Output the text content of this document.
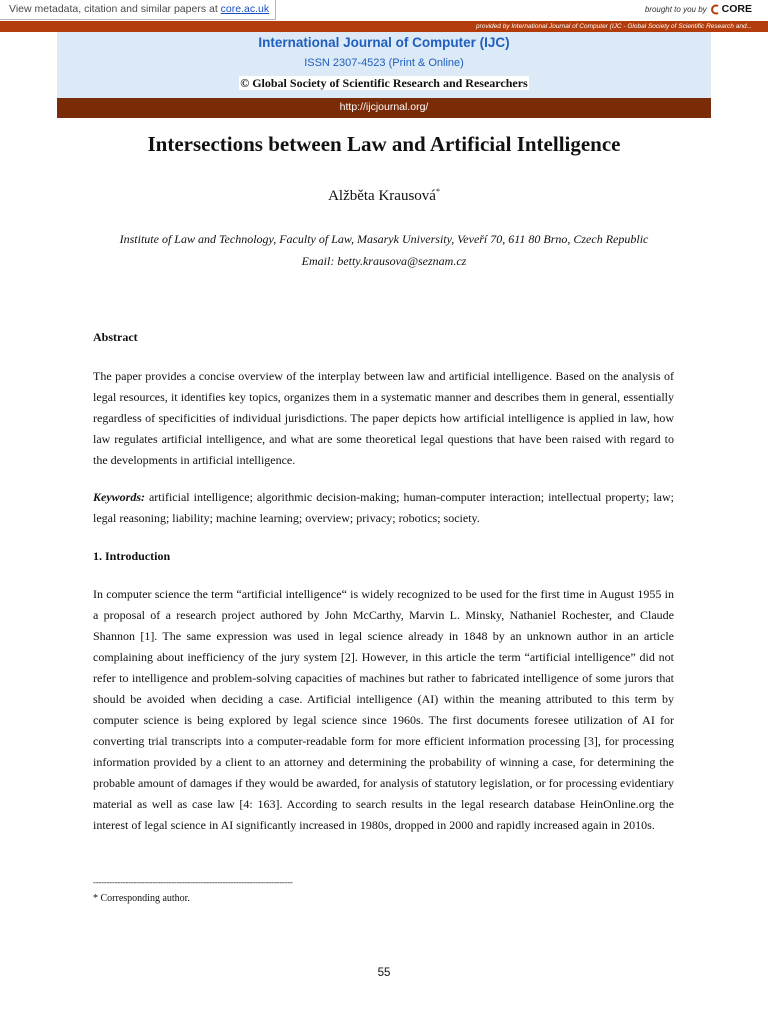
View metadata, citation and similar papers at core.ac.uk	brought to you by CORE
provided by International Journal of Computer (IJC - Global Society of Scientific Research and...
International Journal of Computer (IJC)
ISSN 2307-4523 (Print & Online)
© Global Society of Scientific Research and Researchers
http://ijcjournal.org/
Intersections between Law and Artificial Intelligence
Alžběta Krausová*
Institute of Law and Technology, Faculty of Law, Masaryk University, Veveří 70, 611 80 Brno, Czech Republic
Email: betty.krausova@seznam.cz
Abstract

The paper provides a concise overview of the interplay between law and artificial intelligence. Based on the analysis of legal resources, it identifies key topics, organizes them in a systematic manner and describes them in general, essentially regardless of specificities of individual jurisdictions. The paper depicts how artificial intelligence is applied in law, how law regulates artificial intelligence, and what are some theoretical legal questions that have been raised with regard to the developments in artificial intelligence.

Keywords: artificial intelligence; algorithmic decision-making; human-computer interaction; intellectual property; law; legal reasoning; liability; machine learning; overview; privacy; robotics; society.

1. Introduction

In computer science the term “artificial intelligence“ is widely recognized to be used for the first time in August 1955 in a proposal of a research project authored by John McCarthy, Marvin L. Minsky, Nathaniel Rochester, and Claude Shannon [1]. The same expression was used in legal science already in 1848 by an unknown author in an article complaining about inefficiency of the jury system [2]. However, in this article the term “artificial intelligence” did not refer to intelligence and problem-solving capacities of machines but rather to fabricated intelligence of some jurors that should be avoided when deciding a case. Artificial intelligence (AI) within the meaning attributed to this term by computer science is being explored by legal science since 1960s. The first documents foresee utilization of AI for converting trial transcripts into a computer-readable form for more efficient information processing [3], for processing information provided by a client to an attorney and determining the probability of winning a case, for determining the probable amount of damages if they would be awarded, for analysis of statutory legislation, or for processing evidentiary material as well as case law [4: 163]. According to search results in the legal research database HeinOnline.org the interest of legal science in AI significantly increased in 1980s, dropped in 2000 and rapidly increased again in 2010s.

--------------------------------------------------------------------------
* Corresponding author.
55
